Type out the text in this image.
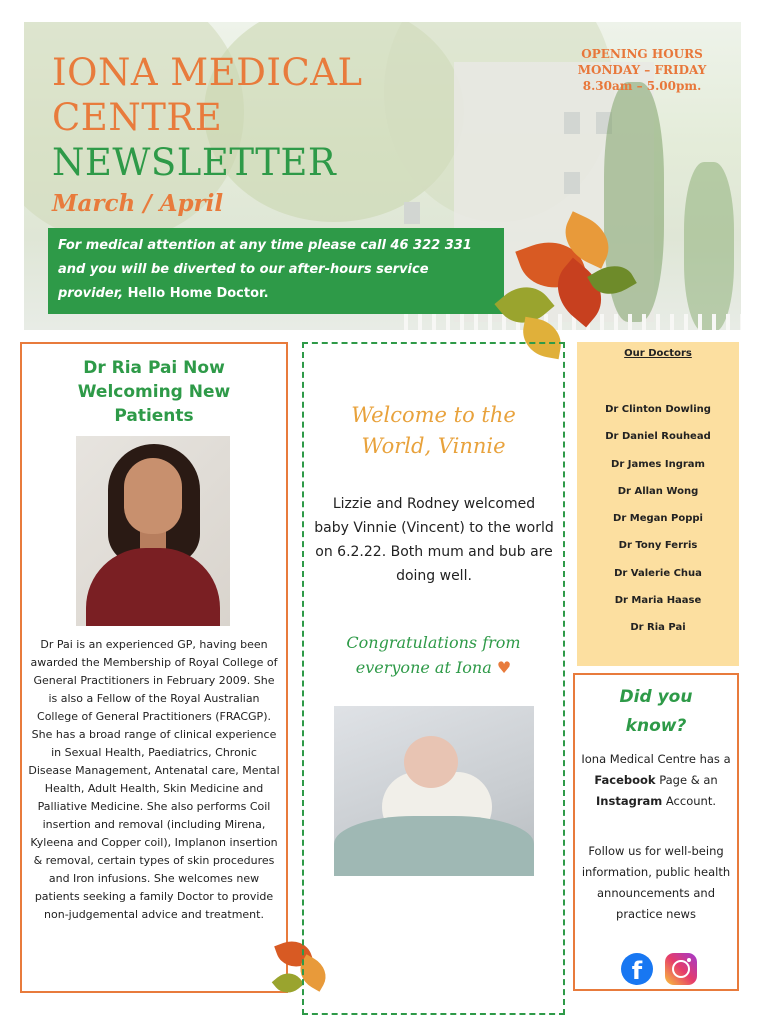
IONA MEDICAL
CENTRE
NEWSLETTER
March / April
OPENING HOURS
MONDAY – FRIDAY
8.30am – 5.00pm.
For medical attention at any time please call 46 322 331 and you will be diverted to our after-hours service provider, Hello Home Doctor.
Dr Ria Pai Now Welcoming New Patients
Dr Pai is an experienced GP, having been awarded the Membership of Royal College of General Practitioners in February 2009. She is also a Fellow of the Royal Australian College of General Practitioners (FRACGP). She has a broad range of clinical experience in Sexual Health, Paediatrics, Chronic Disease Management, Antenatal care, Mental Health, Adult Health, Skin Medicine and Palliative Medicine. She also performs Coil insertion and removal (including Mirena, Kyleena and Copper coil), Implanon insertion & removal, certain types of skin procedures and Iron infusions. She welcomes new patients seeking a family Doctor to provide non-judgemental advice and treatment.
Welcome to the World, Vinnie
Lizzie and Rodney welcomed baby Vinnie (Vincent) to the world on 6.2.22. Both mum and bub are doing well.
Congratulations from everyone at Iona ♥
Our Doctors
Dr Clinton Dowling
Dr Daniel Rouhead
Dr James Ingram
Dr Allan Wong
Dr Megan Poppi
Dr Tony Ferris
Dr Valerie Chua
Dr Maria Haase
Dr Ria Pai
Did you know?
Iona Medical Centre has a Facebook Page & an Instagram Account.
Follow us for well-being information, public health announcements and practice news
f
